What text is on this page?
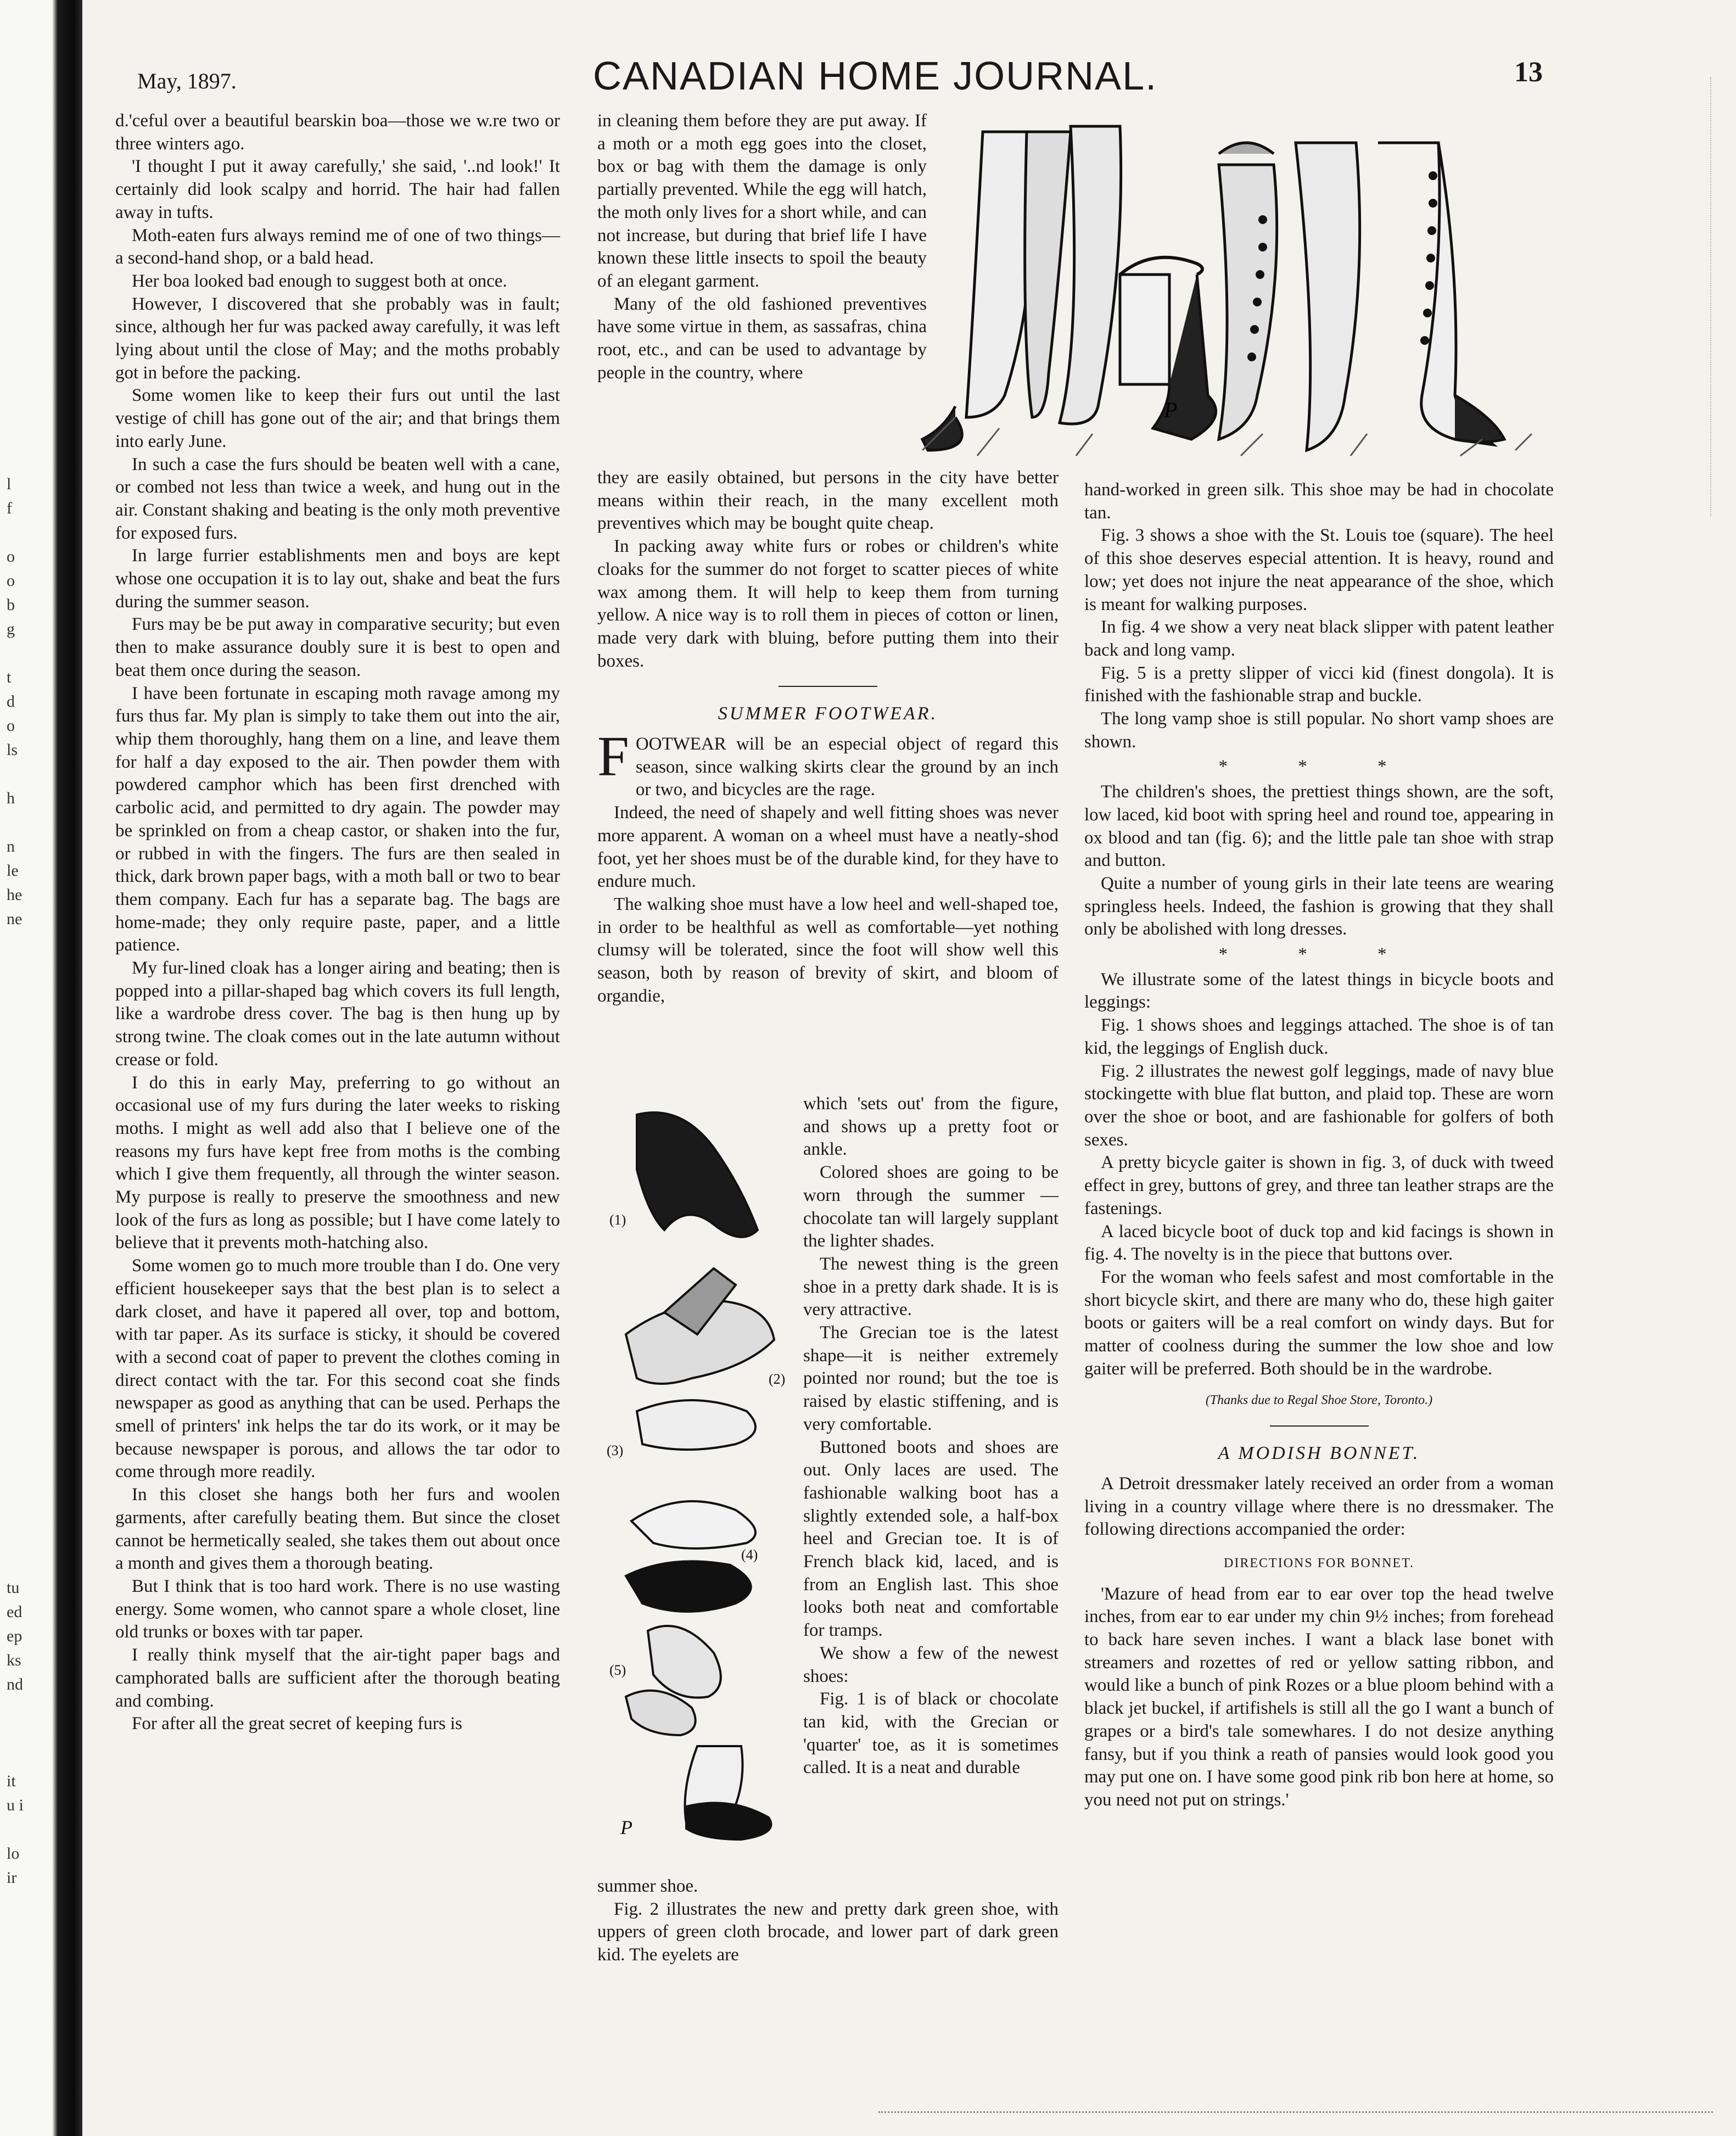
l
f

o
o
b
g

t
d
o
ls

h

n
le
he
ne
tu
ed
ep
ks
nd

it
u i

lo
ir
May, 1897.	CANADIAN HOME JOURNAL.	13

d.'ceful over a beautiful bearskin boa—those we w.re two or three winters ago.

'I thought I put it away carefully,' she said, '..nd look!' It certainly did look scalpy and horrid. The hair had fallen away in tufts.

Moth-eaten furs always remind me of one of two things—a second-hand shop, or a bald head.

Her boa looked bad enough to suggest both at once.

However, I discovered that she probably was in fault; since, although her fur was packed away carefully, it was left lying about until the close of May; and the moths probably got in before the packing.

Some women like to keep their furs out until the last vestige of chill has gone out of the air; and that brings them into early June.

In such a case the furs should be beaten well with a cane, or combed not less than twice a week, and hung out in the air. Constant shaking and beating is the only moth preventive for exposed furs.

In large furrier establishments men and boys are kept whose one occupation it is to lay out, shake and beat the furs during the summer season.

Furs may be be put away in comparative security; but even then to make assurance doubly sure it is best to open and beat them once during the season.

I have been fortunate in escaping moth ravage among my furs thus far. My plan is simply to take them out into the air, whip them thoroughly, hang them on a line, and leave them for half a day exposed to the air. Then powder them with powdered camphor which has been first drenched with carbolic acid, and permitted to dry again. The powder may be sprinkled on from a cheap castor, or shaken into the fur, or rubbed in with the fingers. The furs are then sealed in thick, dark brown paper bags, with a moth ball or two to bear them company. Each fur has a separate bag. The bags are home-made; they only require paste, paper, and a little patience.

My fur-lined cloak has a longer airing and beating; then is popped into a pillar-shaped bag which covers its full length, like a wardrobe dress cover. The bag is then hung up by strong twine. The cloak comes out in the late autumn without crease or fold.

I do this in early May, preferring to go without an occasional use of my furs during the later weeks to risking moths. I might as well add also that I believe one of the reasons my furs have kept free from moths is the combing which I give them frequently, all through the winter season. My purpose is really to preserve the smoothness and new look of the furs as long as possible; but I have come lately to believe that it prevents moth-hatching also.

Some women go to much more trouble than I do. One very efficient housekeeper says that the best plan is to select a dark closet, and have it papered all over, top and bottom, with tar paper. As its surface is sticky, it should be covered with a second coat of paper to prevent the clothes coming in direct contact with the tar. For this second coat she finds newspaper as good as anything that can be used. Perhaps the smell of printers' ink helps the tar do its work, or it may be because newspaper is porous, and allows the tar odor to come through more readily.

In this closet she hangs both her furs and woolen garments, after carefully beating them. But since the closet cannot be hermetically sealed, she takes them out about once a month and gives them a thorough beating.

But I think that is too hard work. There is no use wasting energy. Some women, who cannot spare a whole closet, line old trunks or boxes with tar paper.

I really think myself that the air-tight paper bags and camphorated balls are sufficient after the thorough beating and combing.

For after all the great secret of keeping furs is

in cleaning them before they are put away. If a moth or a moth egg goes into the closet, box or bag with them the damage is only partially prevented. While the egg will hatch, the moth only lives for a short while, and can not increase, but during that brief life I have known these little insects to spoil the beauty of an elegant garment.

Many of the old fashioned preventives have some virtue in them, as sassafras, china root, etc., and can be used to advantage by people in the country, where

they are easily obtained, but persons in the city have better means within their reach, in the many excellent moth preventives which may be bought quite cheap.

In packing away white furs or robes or children's white cloaks for the summer do not forget to scatter pieces of white wax among them. It will help to keep them from turning yellow. A nice way is to roll them in pieces of cotton or linen, made very dark with bluing, before putting them into their boxes.

SUMMER FOOTWEAR.

FOOTWEAR will be an especial object of regard this season, since walking skirts clear the ground by an inch or two, and bicycles are the rage.

Indeed, the need of shapely and well fitting shoes was never more apparent. A woman on a wheel must have a neatly-shod foot, yet her shoes must be of the durable kind, for they have to endure much.

The walking shoe must have a low heel and well-shaped toe, in order to be healthful as well as comfortable—yet nothing clumsy will be tolerated, since the foot will show well this season, both by reason of brevity of skirt, and bloom of organdie,

which 'sets out' from the figure, and shows up a pretty foot or ankle.

Colored shoes are going to be worn through the summer — chocolate tan will largely supplant the lighter shades.

The newest thing is the green shoe in a pretty dark shade. It is is very attractive.

The Grecian toe is the latest shape—it is neither extremely pointed nor round; but the toe is raised by elastic stiffening, and is very comfortable.

Buttoned boots and shoes are out. Only laces are used. The fashionable walking boot has a slightly extended sole, a half-box heel and Grecian toe. It is of French black kid, laced, and is from an English last. This shoe looks both neat and comfortable for tramps.

We show a few of the newest shoes:

Fig. 1 is of black or chocolate tan kid, with the Grecian or 'quarter' toe, as it is sometimes called. It is a neat and durable

summer shoe.

Fig. 2 illustrates the new and pretty dark green shoe, with uppers of green cloth brocade, and lower part of dark green kid. The eyelets are

hand-worked in green silk. This shoe may be had in chocolate tan.

Fig. 3 shows a shoe with the St. Louis toe (square). The heel of this shoe deserves especial attention. It is heavy, round and low; yet does not injure the neat appearance of the shoe, which is meant for walking purposes.

In fig. 4 we show a very neat black slipper with patent leather back and long vamp.

Fig. 5 is a pretty slipper of vicci kid (finest dongola). It is finished with the fashionable strap and buckle.

The long vamp shoe is still popular. No short vamp shoes are shown.

* * *

The children's shoes, the prettiest things shown, are the soft, low laced, kid boot with spring heel and round toe, appearing in ox blood and tan (fig. 6); and the little pale tan shoe with strap and button.

Quite a number of young girls in their late teens are wearing springless heels. Indeed, the fashion is growing that they shall only be abolished with long dresses.

* * *

We illustrate some of the latest things in bicycle boots and leggings:

Fig. 1 shows shoes and leggings attached. The shoe is of tan kid, the leggings of English duck.

Fig. 2 illustrates the newest golf leggings, made of navy blue stockingette with blue flat button, and plaid top. These are worn over the shoe or boot, and are fashionable for golfers of both sexes.

A pretty bicycle gaiter is shown in fig. 3, of duck with tweed effect in grey, buttons of grey, and three tan leather straps are the fastenings.

A laced bicycle boot of duck top and kid facings is shown in fig. 4. The novelty is in the piece that buttons over.

For the woman who feels safest and most comfortable in the short bicycle skirt, and there are many who do, these high gaiter boots or gaiters will be a real comfort on windy days. But for matter of coolness during the summer the low shoe and low gaiter will be preferred. Both should be in the wardrobe.

(Thanks due to Regal Shoe Store, Toronto.)
A MODISH BONNET.

A Detroit dressmaker lately received an order from a woman living in a country village where there is no dressmaker. The following directions accompanied the order:

DIRECTIONS FOR BONNET.

'Mazure of head from ear to ear over top the head twelve inches, from ear to ear under my chin 9½ inches; from forehead to back hare seven inches. I want a black lase bonet with streamers and rozettes of red or yellow satting ribbon, and would like a bunch of pink Rozes or a blue ploom behind with a black jet buckel, if artifishels is still all the go I want a bunch of grapes or a bird's tale somewhares. I do not desize anything fansy, but if you think a reath of pansies would look good you may put one on. I have some good pink rib bon here at home, so you need not put on strings.'

P
(1)
(2)
(3)
(4)
(5)
P
